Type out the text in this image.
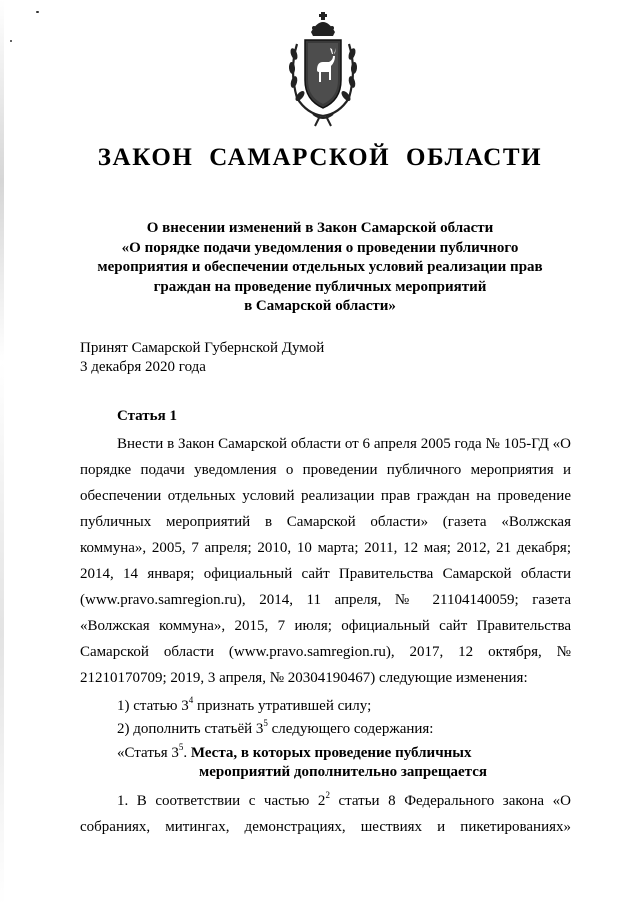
ЗАКОН САМАРСКОЙ ОБЛАСТИ
О внесении изменений в Закон Самарской области
«О порядке подачи уведомления о проведении публичного
мероприятия и обеспечении отдельных условий реализации прав
граждан на проведение публичных мероприятий
в Самарской области»
Принят Самарской Губернской Думой
3 декабря 2020 года
Статья 1

Внести в Закон Самарской области от 6 апреля 2005 года № 105-ГД «О порядке подачи уведомления о проведении публичного мероприятия и обеспечении отдельных условий реализации прав граждан на проведение публичных мероприятий в Самарской области» (газета «Волжская коммуна», 2005, 7 апреля; 2010, 10 марта; 2011, 12 мая; 2012, 21 декабря; 2014, 14 января; официальный сайт Правительства Самарской области (www.pravo.samregion.ru), 2014, 11 апреля, № 21104140059; газета «Волжская коммуна», 2015, 7 июля; официальный сайт Правительства Самарской области (www.pravo.samregion.ru), 2017, 12 октября, № 21210170709; 2019, 3 апреля, № 20304190467) следующие изменения:

1) статью $3^4$ признать утратившей силу;
2) дополнить статьёй $3^5$ следующего содержания:
«Статья $3^5$. Места, в которых проведение публичных
мероприятий дополнительно запрещается

1. В соответствии с частью $2^2$ статьи 8 Федерального закона «О собраниях, митингах, демонстрациях, шествиях и пикетированиях»
